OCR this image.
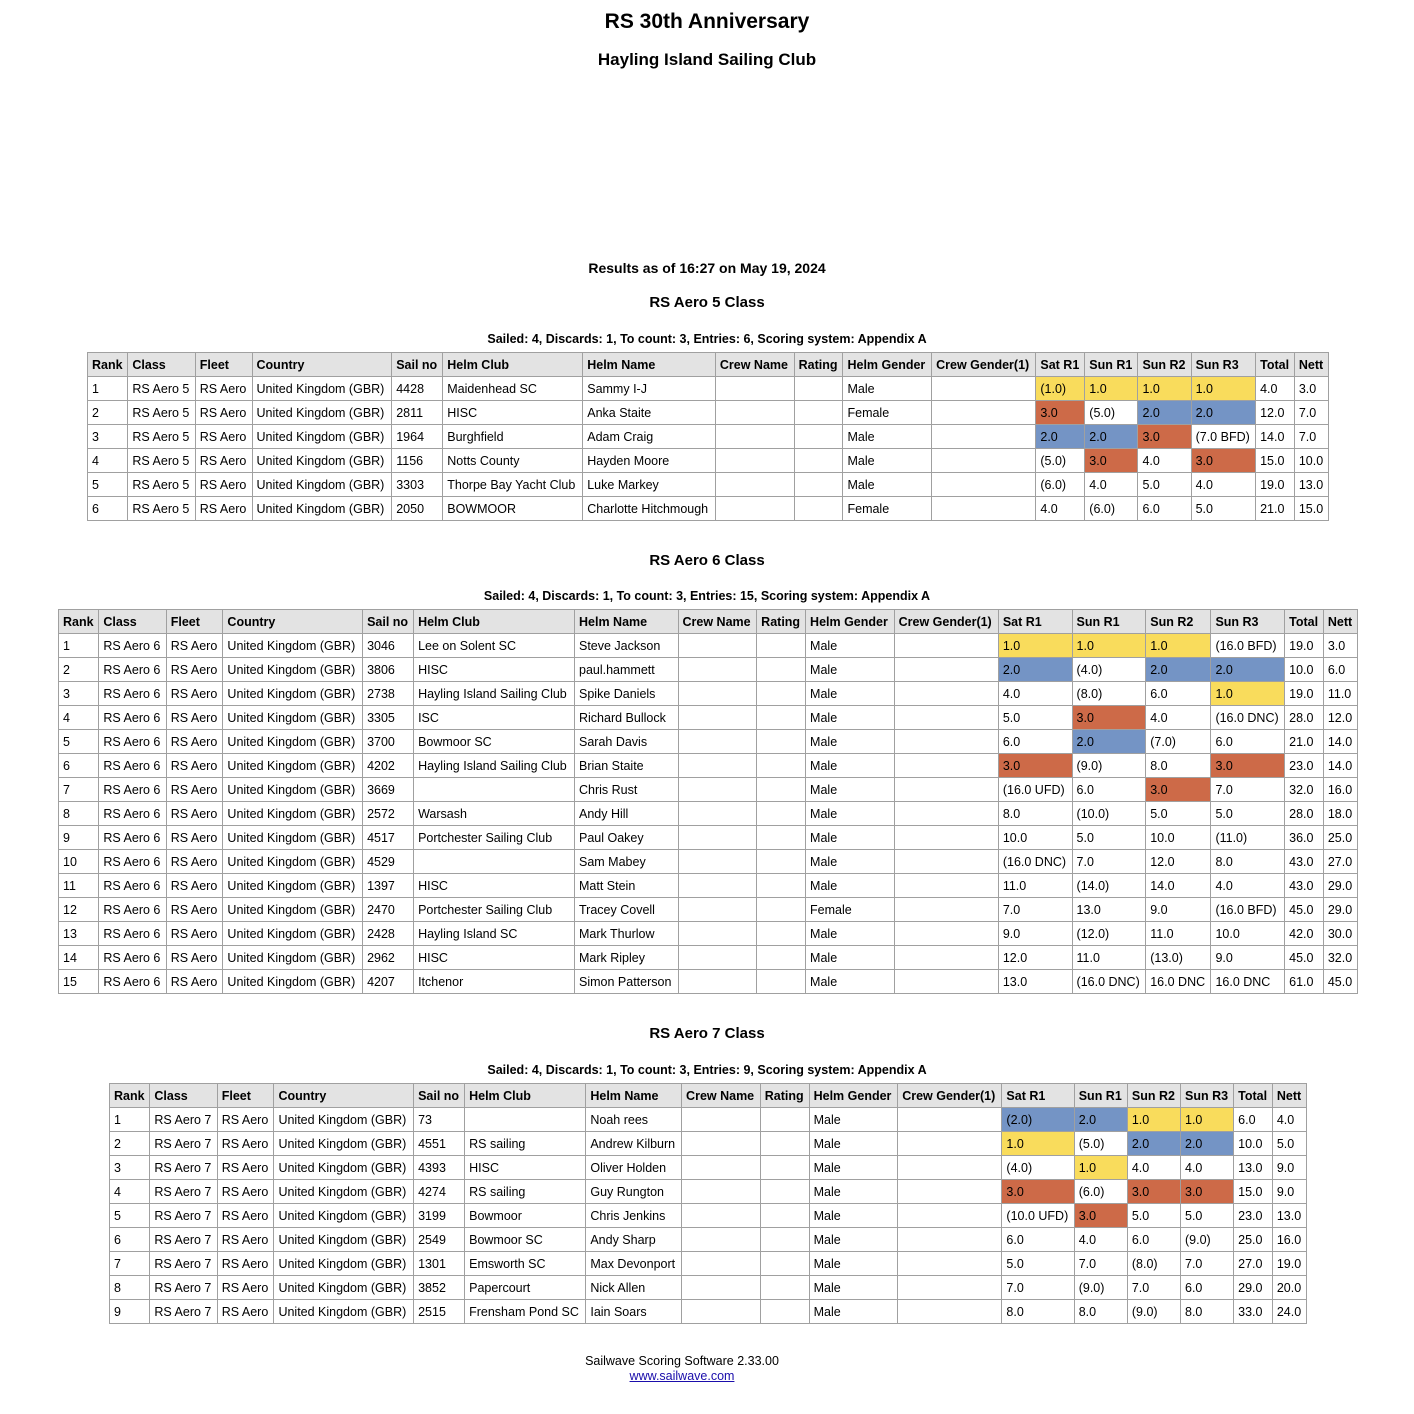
RS 30th Anniversary
Hayling Island Sailing Club
Results as of 16:27 on May 19, 2024
RS Aero 5 Class
Sailed: 4, Discards: 1, To count: 3, Entries: 6, Scoring system: Appendix A
Rank	Class	Fleet	Country	Sail no	Helm Club	Helm Name	Crew Name	Rating	Helm Gender	Crew Gender(1)	Sat R1	Sun R1	Sun R2	Sun R3	Total	Nett
1	RS Aero 5	RS Aero	United Kingdom (GBR)	4428	Maidenhead SC	Sammy I-J			Male		(1.0)	1.0	1.0	1.0	4.0	3.0
2	RS Aero 5	RS Aero	United Kingdom (GBR)	2811	HISC	Anka Staite			Female		3.0	(5.0)	2.0	2.0	12.0	7.0
3	RS Aero 5	RS Aero	United Kingdom (GBR)	1964	Burghfield	Adam Craig			Male		2.0	2.0	3.0	(7.0 BFD)	14.0	7.0
4	RS Aero 5	RS Aero	United Kingdom (GBR)	1156	Notts County	Hayden Moore			Male		(5.0)	3.0	4.0	3.0	15.0	10.0
5	RS Aero 5	RS Aero	United Kingdom (GBR)	3303	Thorpe Bay Yacht Club	Luke Markey			Male		(6.0)	4.0	5.0	4.0	19.0	13.0
6	RS Aero 5	RS Aero	United Kingdom (GBR)	2050	BOWMOOR	Charlotte Hitchmough			Female		4.0	(6.0)	6.0	5.0	21.0	15.0
RS Aero 6 Class
Sailed: 4, Discards: 1, To count: 3, Entries: 15, Scoring system: Appendix A
Rank	Class	Fleet	Country	Sail no	Helm Club	Helm Name	Crew Name	Rating	Helm Gender	Crew Gender(1)	Sat R1	Sun R1	Sun R2	Sun R3	Total	Nett
1	RS Aero 6	RS Aero	United Kingdom (GBR)	3046	Lee on Solent SC	Steve Jackson			Male		1.0	1.0	1.0	(16.0 BFD)	19.0	3.0
2	RS Aero 6	RS Aero	United Kingdom (GBR)	3806	HISC	paul.hammett			Male		2.0	(4.0)	2.0	2.0	10.0	6.0
3	RS Aero 6	RS Aero	United Kingdom (GBR)	2738	Hayling Island Sailing Club	Spike Daniels			Male		4.0	(8.0)	6.0	1.0	19.0	11.0
4	RS Aero 6	RS Aero	United Kingdom (GBR)	3305	ISC	Richard Bullock			Male		5.0	3.0	4.0	(16.0 DNC)	28.0	12.0
5	RS Aero 6	RS Aero	United Kingdom (GBR)	3700	Bowmoor SC	Sarah Davis			Male		6.0	2.0	(7.0)	6.0	21.0	14.0
6	RS Aero 6	RS Aero	United Kingdom (GBR)	4202	Hayling Island Sailing Club	Brian Staite			Male		3.0	(9.0)	8.0	3.0	23.0	14.0
7	RS Aero 6	RS Aero	United Kingdom (GBR)	3669		Chris Rust			Male		(16.0 UFD)	6.0	3.0	7.0	32.0	16.0
8	RS Aero 6	RS Aero	United Kingdom (GBR)	2572	Warsash	Andy Hill			Male		8.0	(10.0)	5.0	5.0	28.0	18.0
9	RS Aero 6	RS Aero	United Kingdom (GBR)	4517	Portchester Sailing Club	Paul Oakey			Male		10.0	5.0	10.0	(11.0)	36.0	25.0
10	RS Aero 6	RS Aero	United Kingdom (GBR)	4529		Sam Mabey			Male		(16.0 DNC)	7.0	12.0	8.0	43.0	27.0
11	RS Aero 6	RS Aero	United Kingdom (GBR)	1397	HISC	Matt Stein			Male		11.0	(14.0)	14.0	4.0	43.0	29.0
12	RS Aero 6	RS Aero	United Kingdom (GBR)	2470	Portchester Sailing Club	Tracey Covell			Female		7.0	13.0	9.0	(16.0 BFD)	45.0	29.0
13	RS Aero 6	RS Aero	United Kingdom (GBR)	2428	Hayling Island SC	Mark Thurlow			Male		9.0	(12.0)	11.0	10.0	42.0	30.0
14	RS Aero 6	RS Aero	United Kingdom (GBR)	2962	HISC	Mark Ripley			Male		12.0	11.0	(13.0)	9.0	45.0	32.0
15	RS Aero 6	RS Aero	United Kingdom (GBR)	4207	Itchenor	Simon Patterson			Male		13.0	(16.0 DNC)	16.0 DNC	16.0 DNC	61.0	45.0
RS Aero 7 Class
Sailed: 4, Discards: 1, To count: 3, Entries: 9, Scoring system: Appendix A
Rank	Class	Fleet	Country	Sail no	Helm Club	Helm Name	Crew Name	Rating	Helm Gender	Crew Gender(1)	Sat R1	Sun R1	Sun R2	Sun R3	Total	Nett
1	RS Aero 7	RS Aero	United Kingdom (GBR)	73		Noah rees			Male		(2.0)	2.0	1.0	1.0	6.0	4.0
2	RS Aero 7	RS Aero	United Kingdom (GBR)	4551	RS sailing	Andrew Kilburn			Male		1.0	(5.0)	2.0	2.0	10.0	5.0
3	RS Aero 7	RS Aero	United Kingdom (GBR)	4393	HISC	Oliver Holden			Male		(4.0)	1.0	4.0	4.0	13.0	9.0
4	RS Aero 7	RS Aero	United Kingdom (GBR)	4274	RS sailing	Guy Rungton			Male		3.0	(6.0)	3.0	3.0	15.0	9.0
5	RS Aero 7	RS Aero	United Kingdom (GBR)	3199	Bowmoor	Chris Jenkins			Male		(10.0 UFD)	3.0	5.0	5.0	23.0	13.0
6	RS Aero 7	RS Aero	United Kingdom (GBR)	2549	Bowmoor SC	Andy Sharp			Male		6.0	4.0	6.0	(9.0)	25.0	16.0
7	RS Aero 7	RS Aero	United Kingdom (GBR)	1301	Emsworth SC	Max Devonport			Male		5.0	7.0	(8.0)	7.0	27.0	19.0
8	RS Aero 7	RS Aero	United Kingdom (GBR)	3852	Papercourt	Nick Allen			Male		7.0	(9.0)	7.0	6.0	29.0	20.0
9	RS Aero 7	RS Aero	United Kingdom (GBR)	2515	Frensham Pond SC	Iain Soars			Male		8.0	8.0	(9.0)	8.0	33.0	24.0
Sailwave Scoring Software 2.33.00
www.sailwave.com
